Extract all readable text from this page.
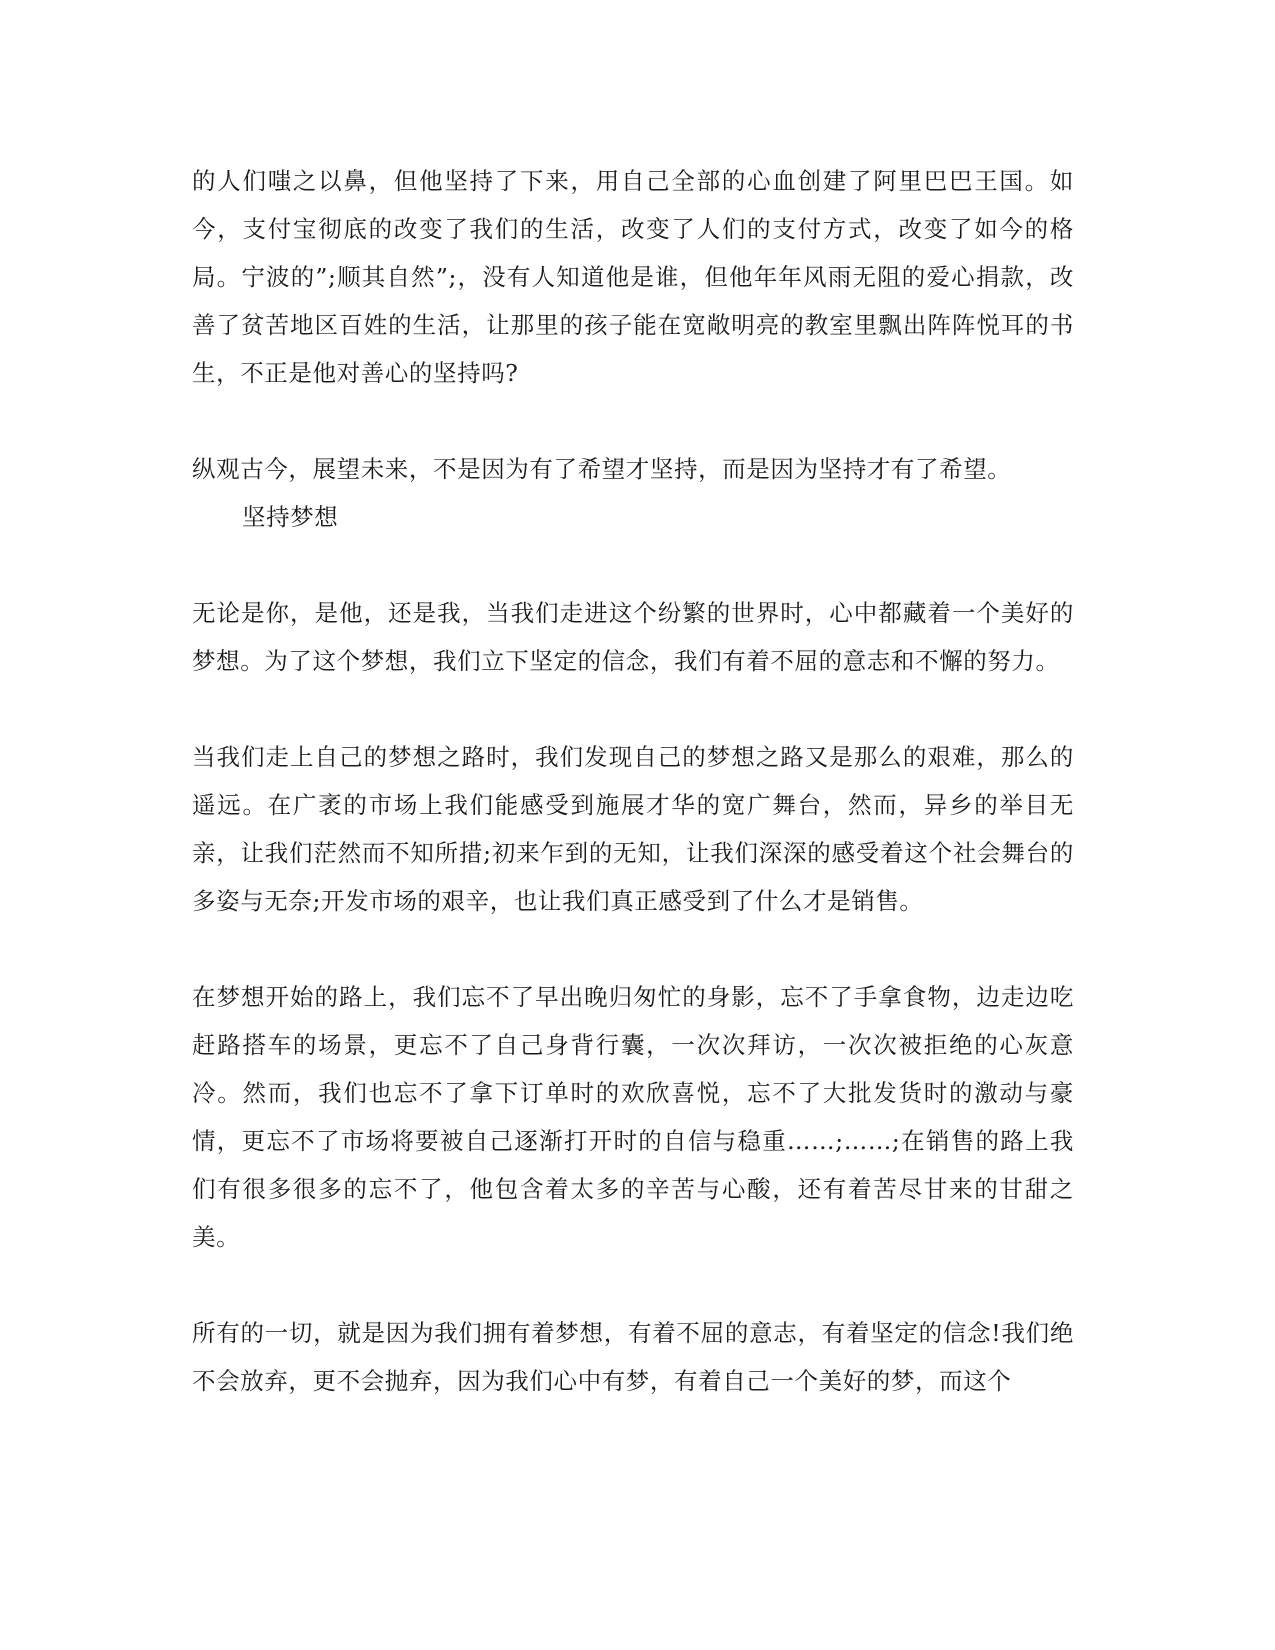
的人们嗤之以鼻，但他坚持了下来，用自己全部的心血创建了阿里巴巴王国。如今，支付宝彻底的改变了我们的生活，改变了人们的支付方式，改变了如今的格局。宁波的”;顺其自然”;，没有人知道他是谁，但他年年风雨无阻的爱心捐款，改善了贫苦地区百姓的生活，让那里的孩子能在宽敞明亮的教室里飘出阵阵悦耳的书生，不正是他对善心的坚持吗?

纵观古今，展望未来，不是因为有了希望才坚持，而是因为坚持才有了希望。

坚持梦想

无论是你，是他，还是我，当我们走进这个纷繁的世界时，心中都藏着一个美好的梦想。为了这个梦想，我们立下坚定的信念，我们有着不屈的意志和不懈的努力。

当我们走上自己的梦想之路时，我们发现自己的梦想之路又是那么的艰难，那么的遥远。在广袤的市场上我们能感受到施展才华的宽广舞台，然而，异乡的举目无亲，让我们茫然而不知所措;初来乍到的无知，让我们深深的感受着这个社会舞台的多姿与无奈;开发市场的艰辛，也让我们真正感受到了什么才是销售。

在梦想开始的路上，我们忘不了早出晚归匆忙的身影，忘不了手拿食物，边走边吃赶路搭车的场景，更忘不了自己身背行囊，一次次拜访，一次次被拒绝的心灰意冷。然而，我们也忘不了拿下订单时的欢欣喜悦，忘不了大批发货时的激动与豪情，更忘不了市场将要被自己逐渐打开时的自信与稳重……;……;在销售的路上我们有很多很多的忘不了，他包含着太多的辛苦与心酸，还有着苦尽甘来的甘甜之美。

所有的一切，就是因为我们拥有着梦想，有着不屈的意志，有着坚定的信念!我们绝不会放弃，更不会抛弃，因为我们心中有梦，有着自己一个美好的梦，而这个
